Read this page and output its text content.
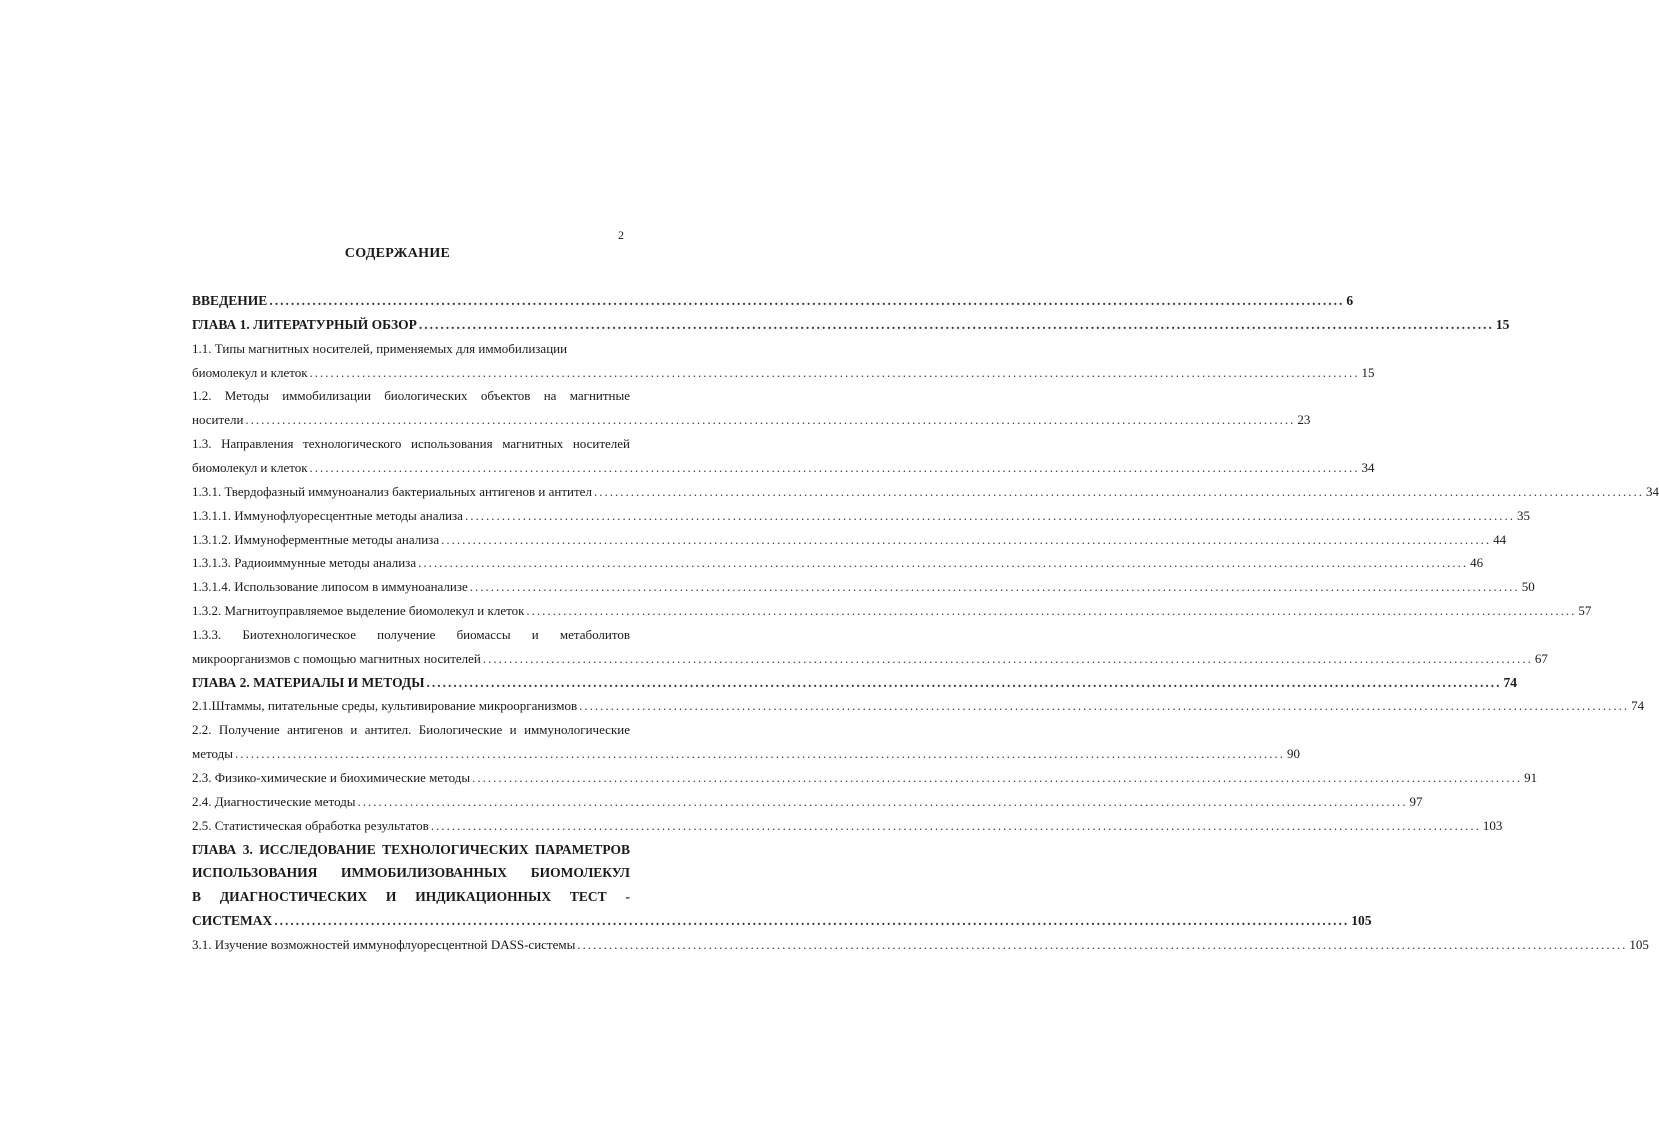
2
СОДЕРЖАНИЕ
ВВЕДЕНИЕ ........................................................................................................................................................................................................ 6
ГЛАВА 1. ЛИТЕРАТУРНЫЙ ОБЗОР ........................................................................................................................................................................................................ 15
1.1. Типы магнитных носителей, применяемых для иммобилизации
биомолекул и клеток ........................................................................................................................................................................................................ 15
1.2. Методы иммобилизации биологических объектов на магнитные
носители ........................................................................................................................................................................................................ 23
1.3. Направления технологического использования магнитных носителей
биомолекул и клеток ........................................................................................................................................................................................................ 34
1.3.1. Твердофазный иммуноанализ бактериальных антигенов и антител ........................................................................................................................................................................................................ 34
1.3.1.1. Иммунофлуоресцентные методы анализа ........................................................................................................................................................................................................ 35
1.3.1.2. Иммуноферментные методы анализа ........................................................................................................................................................................................................ 44
1.3.1.3. Радиоиммунные методы анализа ........................................................................................................................................................................................................ 46
1.3.1.4. Использование липосом в иммуноанализе ........................................................................................................................................................................................................ 50
1.3.2. Магнитоуправляемое выделение биомолекул и клеток ........................................................................................................................................................................................................ 57
1.3.3. Биотехнологическое получение биомассы и метаболитов
микроорганизмов с помощью магнитных носителей ........................................................................................................................................................................................................ 67
ГЛАВА 2. МАТЕРИАЛЫ И МЕТОДЫ ........................................................................................................................................................................................................ 74
2.1.Штаммы, питательные среды, культивирование микроорганизмов ........................................................................................................................................................................................................ 74
2.2. Получение антигенов и антител. Биологические и иммунологические
методы ........................................................................................................................................................................................................ 90
2.3. Физико-химические и биохимические методы ........................................................................................................................................................................................................ 91
2.4. Диагностические методы ........................................................................................................................................................................................................ 97
2.5. Статистическая обработка результатов ........................................................................................................................................................................................................ 103
ГЛАВА 3. ИССЛЕДОВАНИЕ ТЕХНОЛОГИЧЕСКИХ ПАРАМЕТРОВ
ИСПОЛЬЗОВАНИЯ ИММОБИЛИЗОВАННЫХ БИОМОЛЕКУЛ
В ДИАГНОСТИЧЕСКИХ И ИНДИКАЦИОННЫХ ТЕСТ -
СИСТЕМАХ ........................................................................................................................................................................................................ 105
3.1. Изучение возможностей иммунофлуоресцентной DASS-системы ........................................................................................................................................................................................................ 105
